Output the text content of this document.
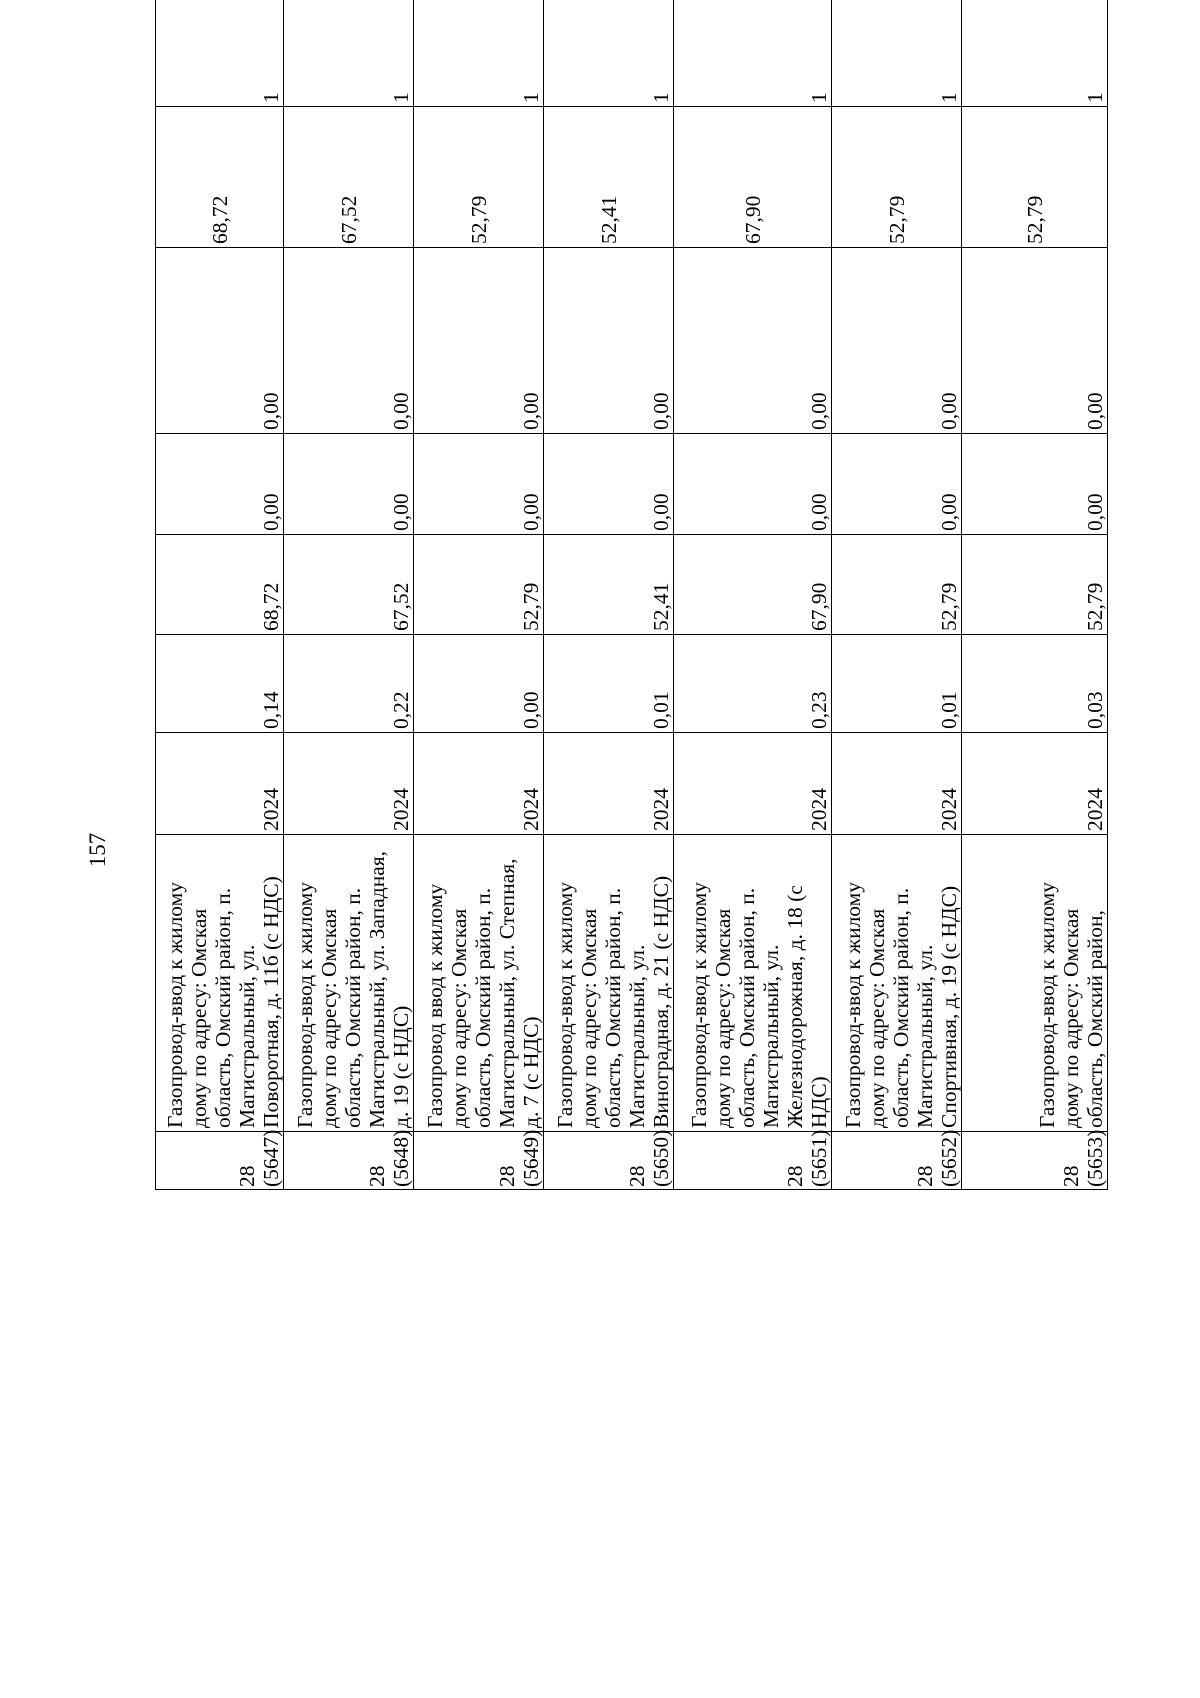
157
28 (5647)	Газопровод-ввод к жилому дому по адресу: Омская область, Омский район, п. Магистральный, ул. Поворотная, д. 11б (с НДС)	2024	0,14	68,72	0,00	0,00	68,72	1		

28 (5648)	Газопровод-ввод к жилому дому по адресу: Омская область, Омский район, п. Магистральный, ул. Западная, д. 19 (с НДС)	2024	0,22	67,52	0,00	0,00	67,52	1		

28 (5649)	Газопровод ввод к жилому дому по адресу: Омская область, Омский район, п. Магистральный, ул. Степная, д. 7 (с НДС)	2024	0,00	52,79	0,00	0,00	52,79	1		

28 (5650)	Газопровод-ввод к жилому дому по адресу: Омская область, Омский район, п. Магистральный, ул. Виноградная, д. 21 (с НДС)	2024	0,01	52,41	0,00	0,00	52,41	1		

28 (5651)	Газопровод-ввод к жилому дому по адресу: Омская область, Омский район, п. Магистральный, ул. Железнодорожная, д. 18 (с НДС)	2024	0,23	67,90	0,00	0,00	67,90	1		

28 (5652)	Газопровод-ввод к жилому дому по адресу: Омская область, Омский район, п. Магистральный, ул. Спортивная, д. 19 (с НДС)	2024	0,01	52,79	0,00	0,00	52,79	1		

28 (5653)	Газопровод-ввод к жилому дому по адресу: Омская область, Омский район,	2024	0,03	52,79	0,00	0,00	52,79	1		
